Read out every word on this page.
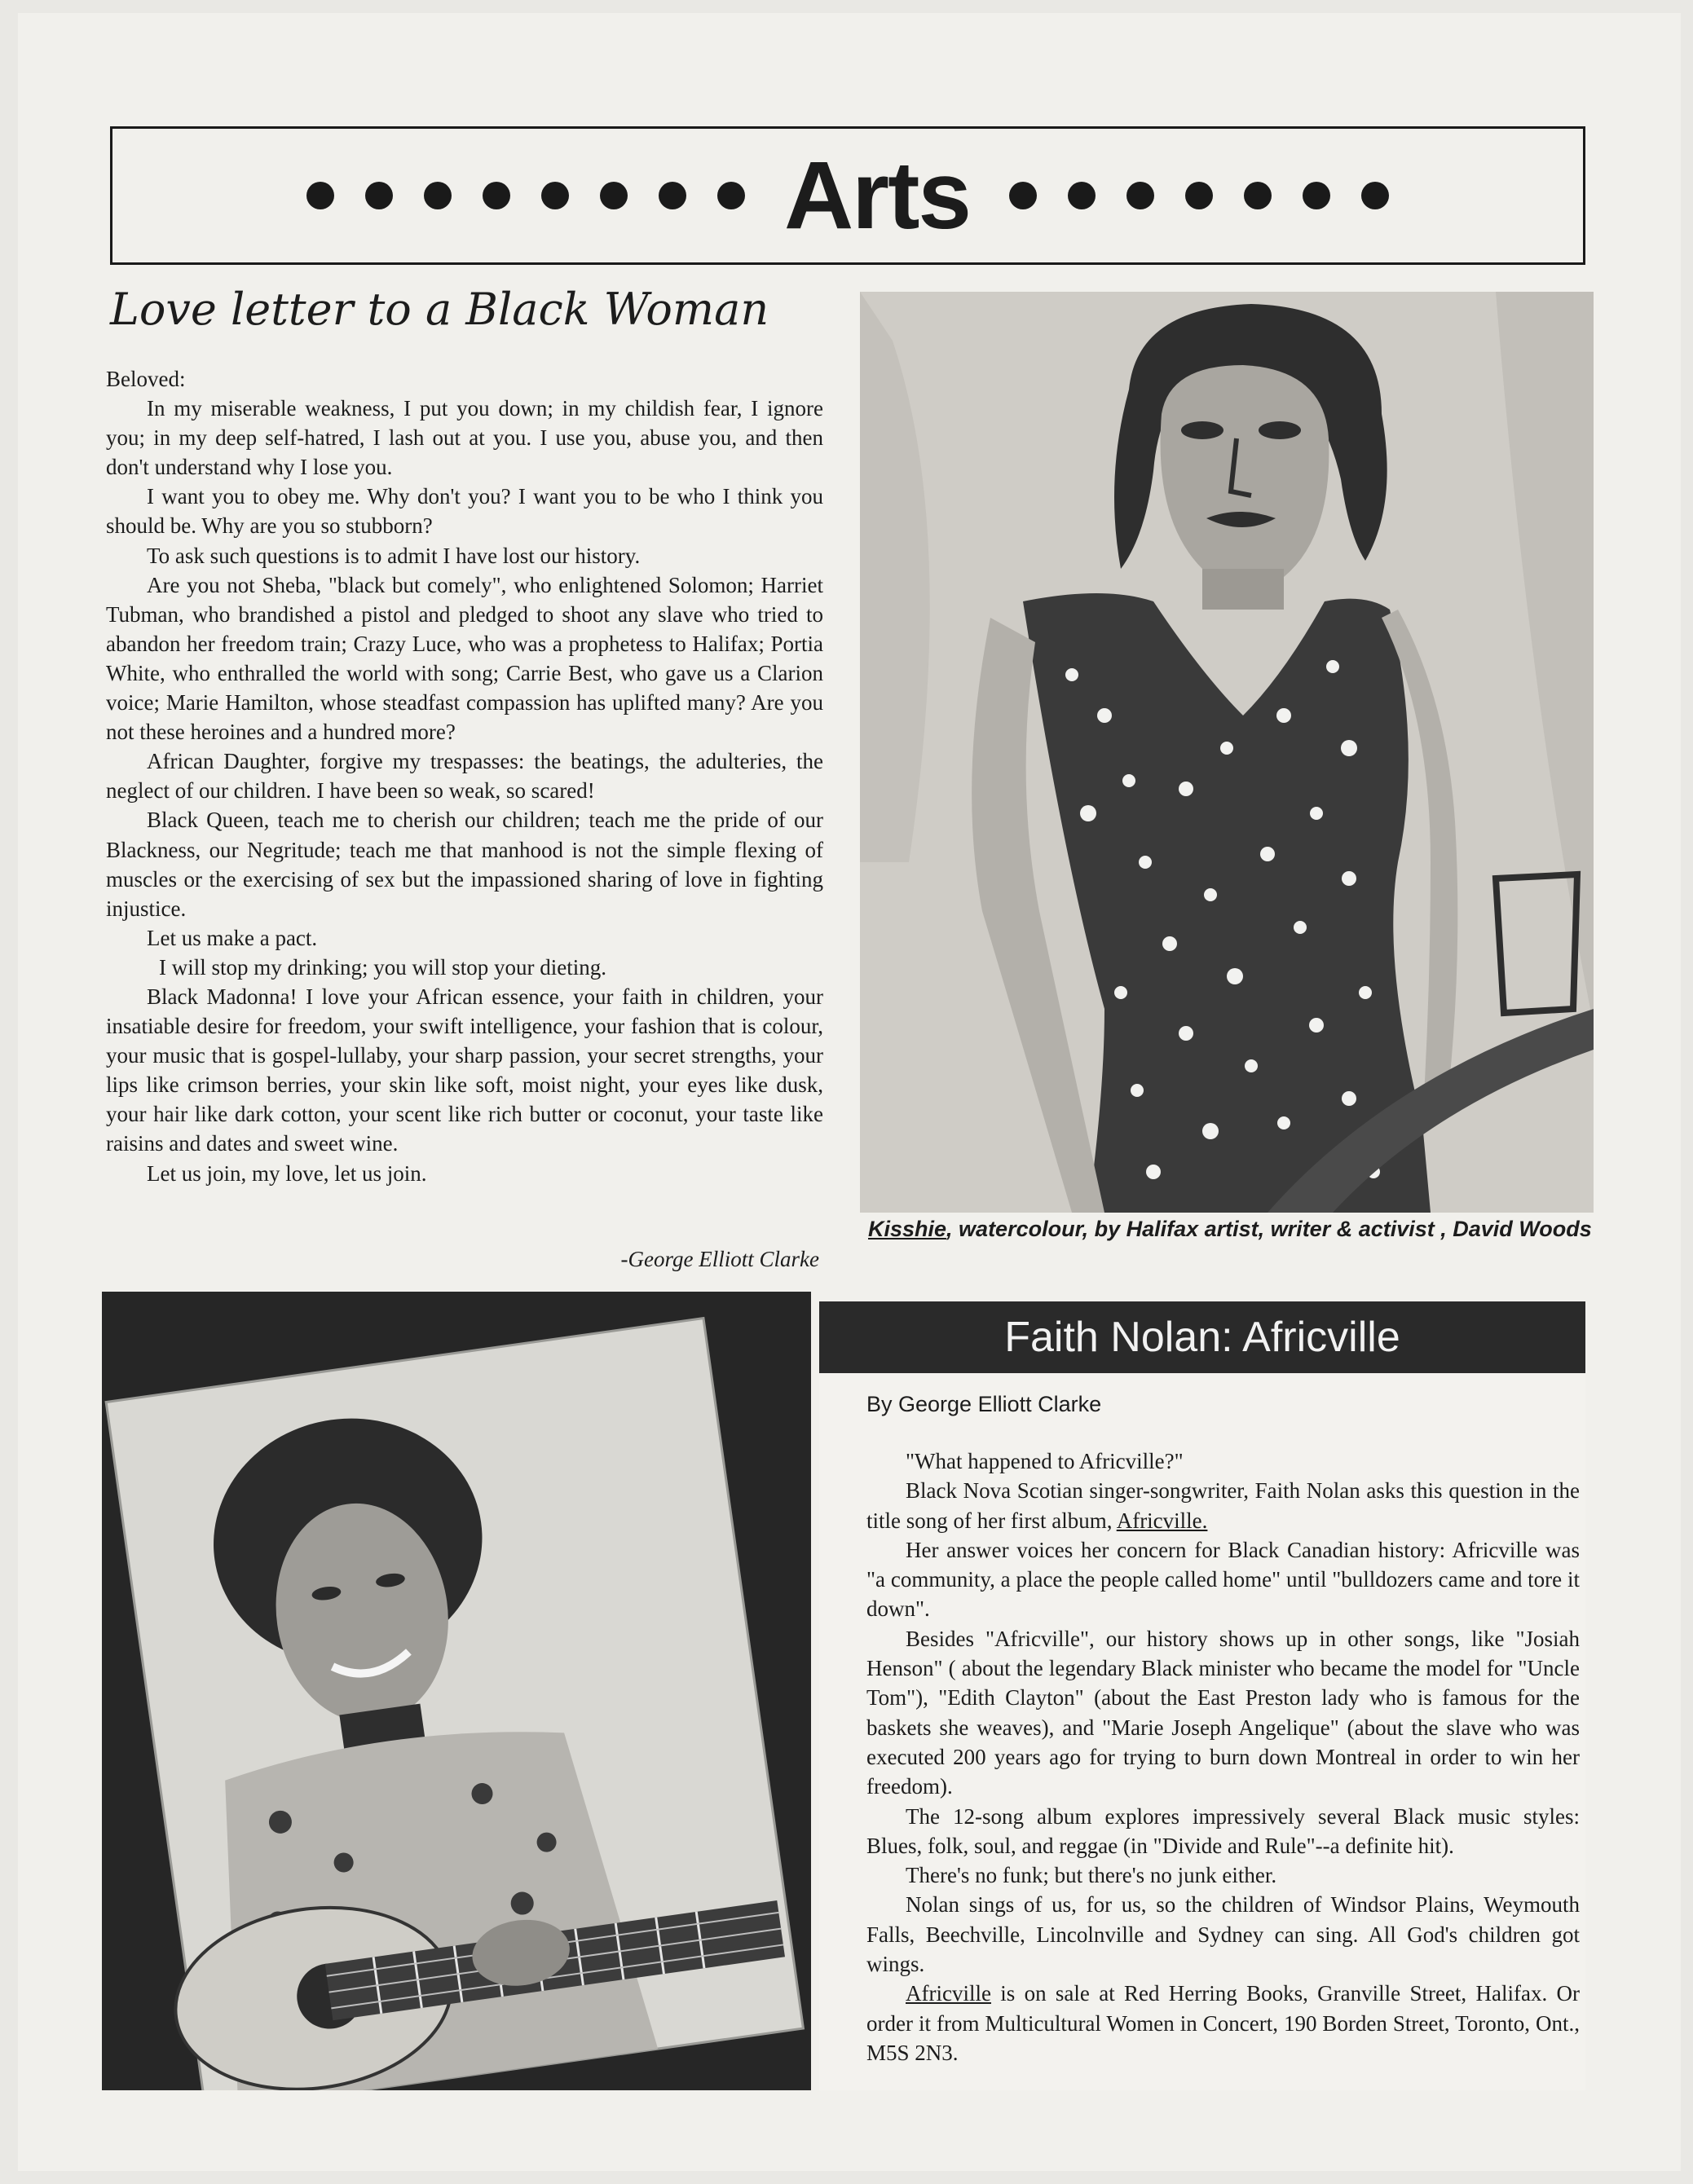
Arts
Love letter to a Black Woman

Beloved:

In my miserable weakness, I put you down; in my childish fear, I ignore you; in my deep self-hatred, I lash out at you. I use you, abuse you, and then don't understand why I lose you.

I want you to obey me. Why don't you? I want you to be who I think you should be. Why are you so stubborn?

To ask such questions is to admit I have lost our history.

Are you not Sheba, "black but comely", who enlightened Solomon; Harriet Tubman, who brandished a pistol and pledged to shoot any slave who tried to abandon her freedom train; Crazy Luce, who was a prophetess to Halifax; Portia White, who enthralled the world with song; Carrie Best, who gave us a Clarion voice; Marie Hamilton, whose steadfast compassion has uplifted many? Are you not these heroines and a hundred more?

African Daughter, forgive my trespasses: the beatings, the adulteries, the neglect of our children. I have been so weak, so scared!

Black Queen, teach me to cherish our children; teach me the pride of our Blackness, our Negritude; teach me that manhood is not the simple flexing of muscles or the exercising of sex but the impassioned sharing of love in fighting injustice.

Let us make a pact.

I will stop my drinking; you will stop your dieting.

Black Madonna! I love your African essence, your faith in children, your insatiable desire for freedom, your swift intelligence, your fashion that is colour, your music that is gospel-lullaby, your sharp passion, your secret strengths, your lips like crimson berries, your skin like soft, moist night, your eyes like dusk, your hair like dark cotton, your scent like rich butter or coconut, your taste like raisins and dates and sweet wine.

Let us join, my love, let us join.

-George Elliott Clarke
Kisshie, watercolour, by Halifax artist, writer & activist , David Woods
Faith Nolan: Africville
By George Elliott Clarke

"What happened to Africville?"

Black Nova Scotian singer-songwriter, Faith Nolan asks this question in the title song of her first album, Africville.

Her answer voices her concern for Black Canadian history: Africville was "a community, a place the people called home" until "bulldozers came and tore it down".

Besides "Africville", our history shows up in other songs, like "Josiah Henson" ( about the legendary Black minister who became the model for "Uncle Tom"), "Edith Clayton" (about the East Preston lady who is famous for the baskets she weaves), and "Marie Joseph Angelique" (about the slave who was executed 200 years ago for trying to burn down Montreal in order to win her freedom).

The 12-song album explores impressively several Black music styles: Blues, folk, soul, and reggae (in "Divide and Rule"--a definite hit).

There's no funk; but there's no junk either.

Nolan sings of us, for us, so the children of Windsor Plains, Weymouth Falls, Beechville, Lincolnville and Sydney can sing. All God's children got wings.

Africville is on sale at Red Herring Books, Granville Street, Halifax. Or order it from Multicultural Women in Concert, 190 Borden Street, Toronto, Ont., M5S 2N3.
